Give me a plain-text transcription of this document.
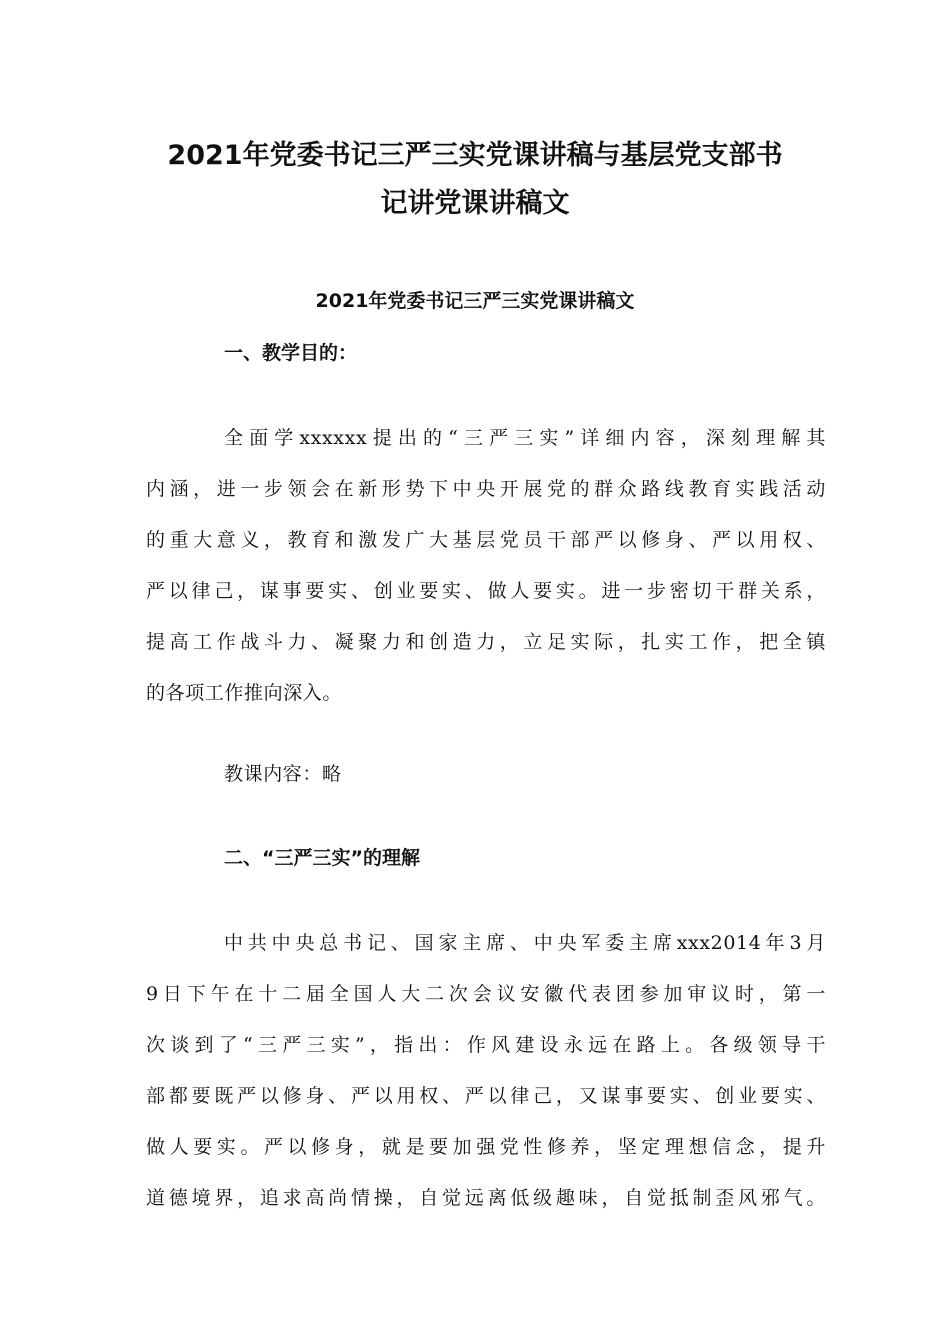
2021年党委书记三严三实党课讲稿与基层党支部书
记讲党课讲稿文
2021年党委书记三严三实党课讲稿文
一、教学目的：

全面学xxxxxx提出的“三严三实”详细内容，深刻理解其

内涵，进一步领会在新形势下中央开展党的群众路线教育实践活动

的重大意义，教育和激发广大基层党员干部严以修身、严以用权、

严以律己，谋事要实、创业要实、做人要实。进一步密切干群关系，

提高工作战斗力、凝聚力和创造力，立足实际，扎实工作，把全镇

的各项工作推向深入。

教课内容：略

二、“三严三实”的理解

中共中央总书记、国家主席、中央军委主席xxx2014年3月

9日下午在十二届全国人大二次会议安徽代表团参加审议时，第一

次谈到了“三严三实”，指出：作风建设永远在路上。各级领导干

部都要既严以修身、严以用权、严以律己，又谋事要实、创业要实、

做人要实。严以修身，就是要加强党性修养，坚定理想信念，提升

道德境界，追求高尚情操，自觉远离低级趣味，自觉抵制歪风邪气。
